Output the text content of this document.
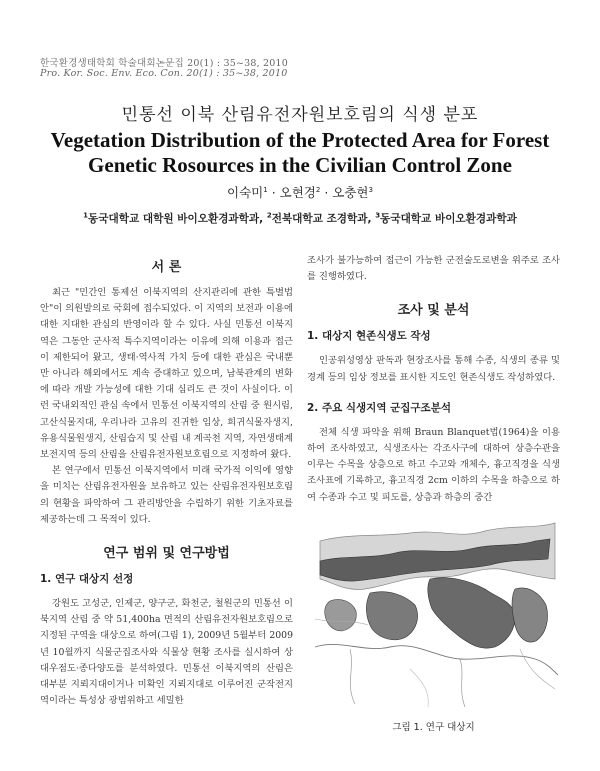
한국환경생태학회 학술대회논문집 20(1) : 35~38, 2010
Pro. Kor. Soc. Env. Eco. Con. 20(1) : 35~38, 2010
민통선 이북 산림유전자원보호림의 식생 분포
Vegetation Distribution of the Protected Area for Forest Genetic Rosources in the Civilian Control Zone
이숙미$^1$ · 오현경$^2$ · 오충현$^3$
$^1$동국대학교 대학원 바이오환경과학과, $^2$전북대학교 조경학과, $^3$동국대학교 바이오환경과학과
서 론

최근 "민간인 통제선 이북지역의 산지관리에 관한 특별법안"이 의원발의로 국회에 접수되었다. 이 지역의 보전과 이용에 대한 지대한 관심의 반영이라 할 수 있다. 사실 민통선 이북지역은 그동안 군사적 특수지역이라는 이유에 의해 이용과 접근이 제한되어 왔고, 생태·역사적 가치 등에 대한 관심은 국내뿐만 아니라 해외에서도 계속 증대하고 있으며, 남북관계의 변화에 따라 개발 가능성에 대한 기대 심리도 큰 것이 사실이다. 이런 국내외적인 관심 속에서 민통선 이북지역의 산림 중 원시림, 고산식물지대, 우리나라 고유의 진귀한 임상, 희귀식물자생지, 유용식물원생지, 산림습지 및 산림 내 계곡천 지역, 자연생태계보전지역 등의 산림을 산림유전자원보호림으로 지정하여 왔다.

본 연구에서 민통선 이북지역에서 미래 국가적 이익에 영향을 미치는 산림유전자원을 보유하고 있는 산림유전자원보호림의 현황을 파악하여 그 관리방안을 수립하기 위한 기초자료를 제공하는데 그 목적이 있다.

연구 범위 및 연구방법
1. 연구 대상지 선정

강원도 고성군, 인제군, 양구군, 화천군, 철원군의 민통선 이북지역 산림 중 약 51,400ha 면적의 산림유전자원보호림으로 지정된 구역을 대상으로 하여(그림 1), 2009년 5월부터 2009년 10월까지 식물군집조사와 식물상 현황 조사를 실시하여 상대우점도·종다양도를 분석하였다. 민통선 이북지역의 산림은 대부분 지뢰지대이거나 미확인 지뢰지대로 이루어진 군작전지역이라는 특성상 광범위하고 세밀한

조사가 불가능하여 접근이 가능한 군전술도로변을 위주로 조사를 진행하였다.

조사 및 분석
1. 대상지 현존식생도 작성

인공위성영상 판독과 현장조사를 통해 수종, 식생의 종류 및 경계 등의 임상 정보를 표시한 지도인 현존식생도 작성하였다.

2. 주요 식생지역 군집구조분석

전체 식생 파악을 위해 Braun Blanquet법(1964)을 이용하여 조사하였고, 식생조사는 각조사구에 대하여 상층수관을 이루는 수목을 상층으로 하고 수고와 개체수, 흉고직경을 식생조사표에 기록하고, 흉고직경 2cm 이하의 수목을 하층으로 하여 수종과 수고 및 피도를, 상층과 하층의 중간

그림 1. 연구 대상지
